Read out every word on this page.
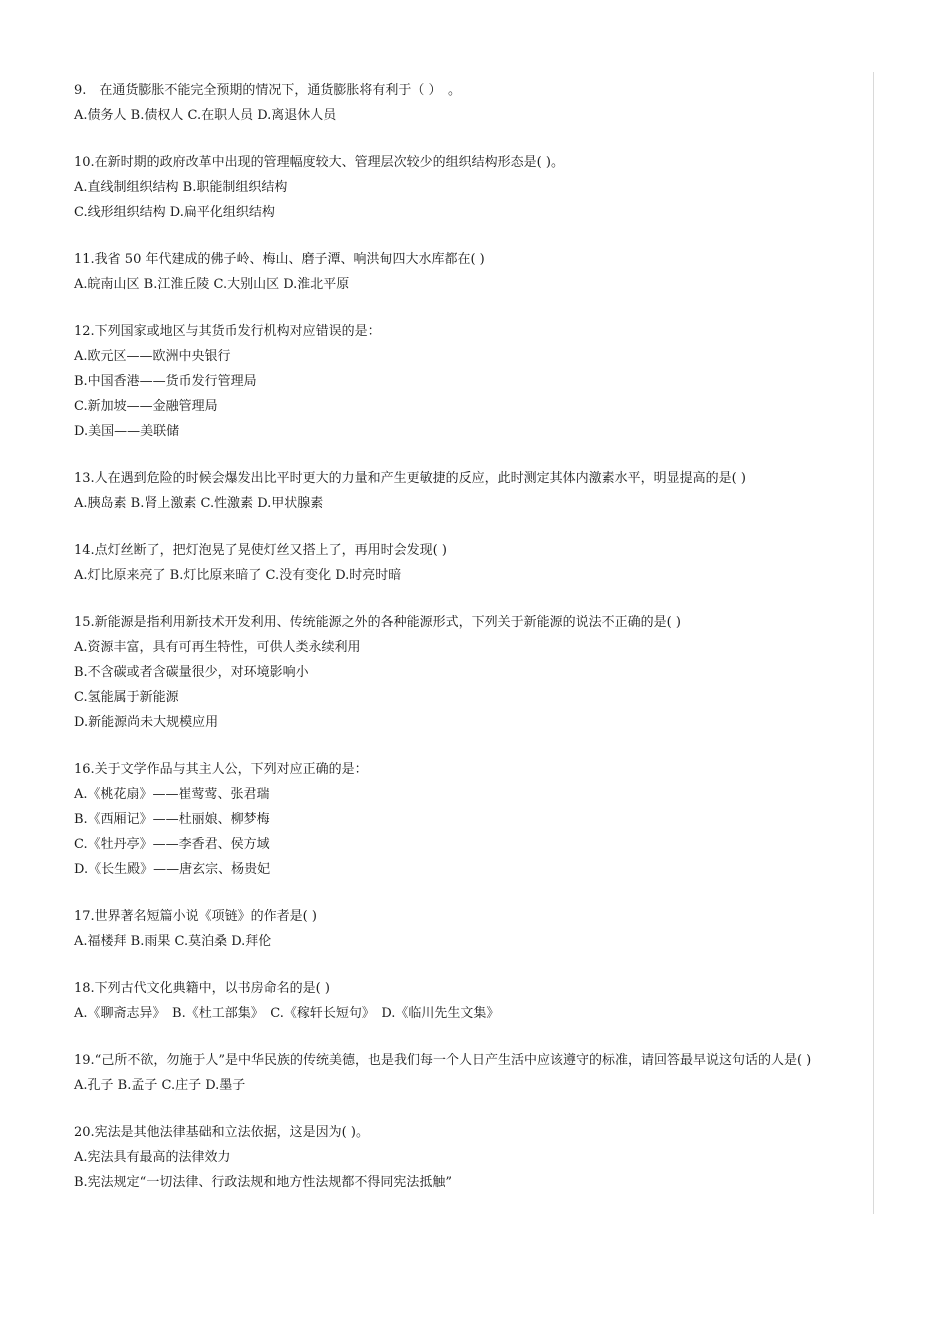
9.　在通货膨胀不能完全预期的情况下，通货膨胀将有利于（ ）　。
A.债务人 B.债权人 C.在职人员 D.离退休人员
10.在新时期的政府改革中出现的管理幅度较大、管理层次较少的组织结构形态是( )。
A.直线制组织结构 B.职能制组织结构
C.线形组织结构 D.扁平化组织结构
11.我省 50 年代建成的佛子岭、梅山、磨子潭、响洪甸四大水库都在( )
A.皖南山区 B.江淮丘陵 C.大别山区 D.淮北平原
12.下列国家或地区与其货币发行机构对应错误的是：
A.欧元区——欧洲中央银行
B.中国香港——货币发行管理局
C.新加坡——金融管理局
D.美国——美联储
13.人在遇到危险的时候会爆发出比平时更大的力量和产生更敏捷的反应，此时测定其体内激素水平，明显提高的是( )
A.胰岛素 B.肾上激素 C.性激素 D.甲状腺素
14.点灯丝断了，把灯泡晃了晃使灯丝又搭上了，再用时会发现( )
A.灯比原来亮了 B.灯比原来暗了 C.没有变化 D.时亮时暗
15.新能源是指利用新技术开发利用、传统能源之外的各种能源形式，下列关于新能源的说法不正确的是( )
A.资源丰富，具有可再生特性，可供人类永续利用
B.不含碳或者含碳量很少，对环境影响小
C.氢能属于新能源
D.新能源尚未大规模应用
16.关于文学作品与其主人公，下列对应正确的是：
A.《桃花扇》——崔莺莺、张君瑞
B.《西厢记》——杜丽娘、柳梦梅
C.《牡丹亭》——李香君、侯方域
D.《长生殿》——唐玄宗、杨贵妃
17.世界著名短篇小说《项链》的作者是( )
A.福楼拜 B.雨果 C.莫泊桑 D.拜伦
18.下列古代文化典籍中，以书房命名的是( )
A.《聊斋志异》　B.《杜工部集》　C.《稼轩长短句》　D.《临川先生文集》
19.“己所不欲，勿施于人”是中华民族的传统美德，也是我们每一个人日产生活中应该遵守的标准，请回答最早说这句话的人是( )
A.孔子 B.孟子 C.庄子 D.墨子
20.宪法是其他法律基础和立法依据，这是因为( )。
A.宪法具有最高的法律效力
B.宪法规定“一切法律、行政法规和地方性法规都不得同宪法抵触”
